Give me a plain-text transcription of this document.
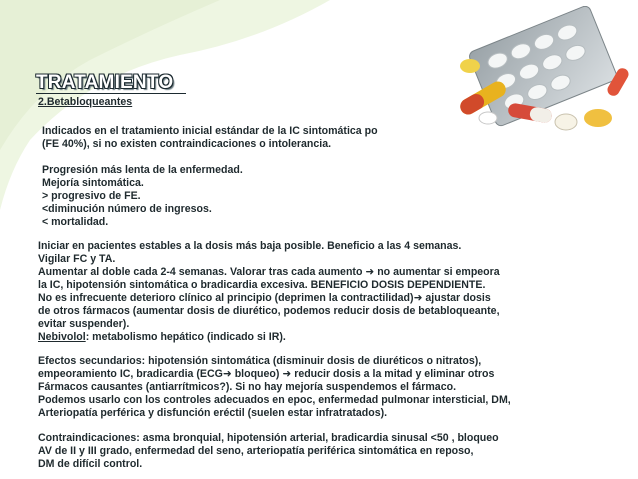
TRATAMIENTO
2.Betabloqueantes
Indicados en el tratamiento inicial estándar de la IC sintomática po
(FE 40%), si no existen contraindicaciones o intolerancia.
Progresión más lenta de la enfermedad.
Mejoría sintomática.
> progresivo de FE.
<diminución número de ingresos.
< mortalidad.
Iniciar en pacientes estables a la dosis más baja posible. Beneficio a las 4 semanas.
Vigilar FC y TA.
Aumentar al doble cada 2-4 semanas. Valorar tras cada aumento ➜ no aumentar si empeora
la IC, hipotensión sintomática o bradicardia excesiva. BENEFICIO DOSIS DEPENDIENTE.
No es infrecuente deterioro clínico al principio (deprimen la contractilidad)➜ ajustar dosis
de otros fármacos (aumentar dosis de diurético, podemos reducir dosis de betabloqueante,
evitar suspender).
Nebivolol: metabolismo hepático (indicado si IR).
Efectos secundarios: hipotensión sintomática (disminuir dosis de diuréticos o nitratos),
empeoramiento IC, bradicardia (ECG➜ bloqueo) ➜ reducir dosis a la mitad y eliminar otros
Fármacos causantes (antiarrítmicos?). Si no hay mejoría suspendemos el fármaco.
Podemos usarlo con los controles adecuados en epoc, enfermedad pulmonar intersticial, DM,
Arteriopatía perférica y disfunción eréctil (suelen estar infratratados).
Contraindicaciones: asma bronquial, hipotensión arterial, bradicardia sinusal <50 , bloqueo
AV de II y III grado, enfermedad del seno, arteriopatía periférica sintomática en reposo,
DM de difícil control.
